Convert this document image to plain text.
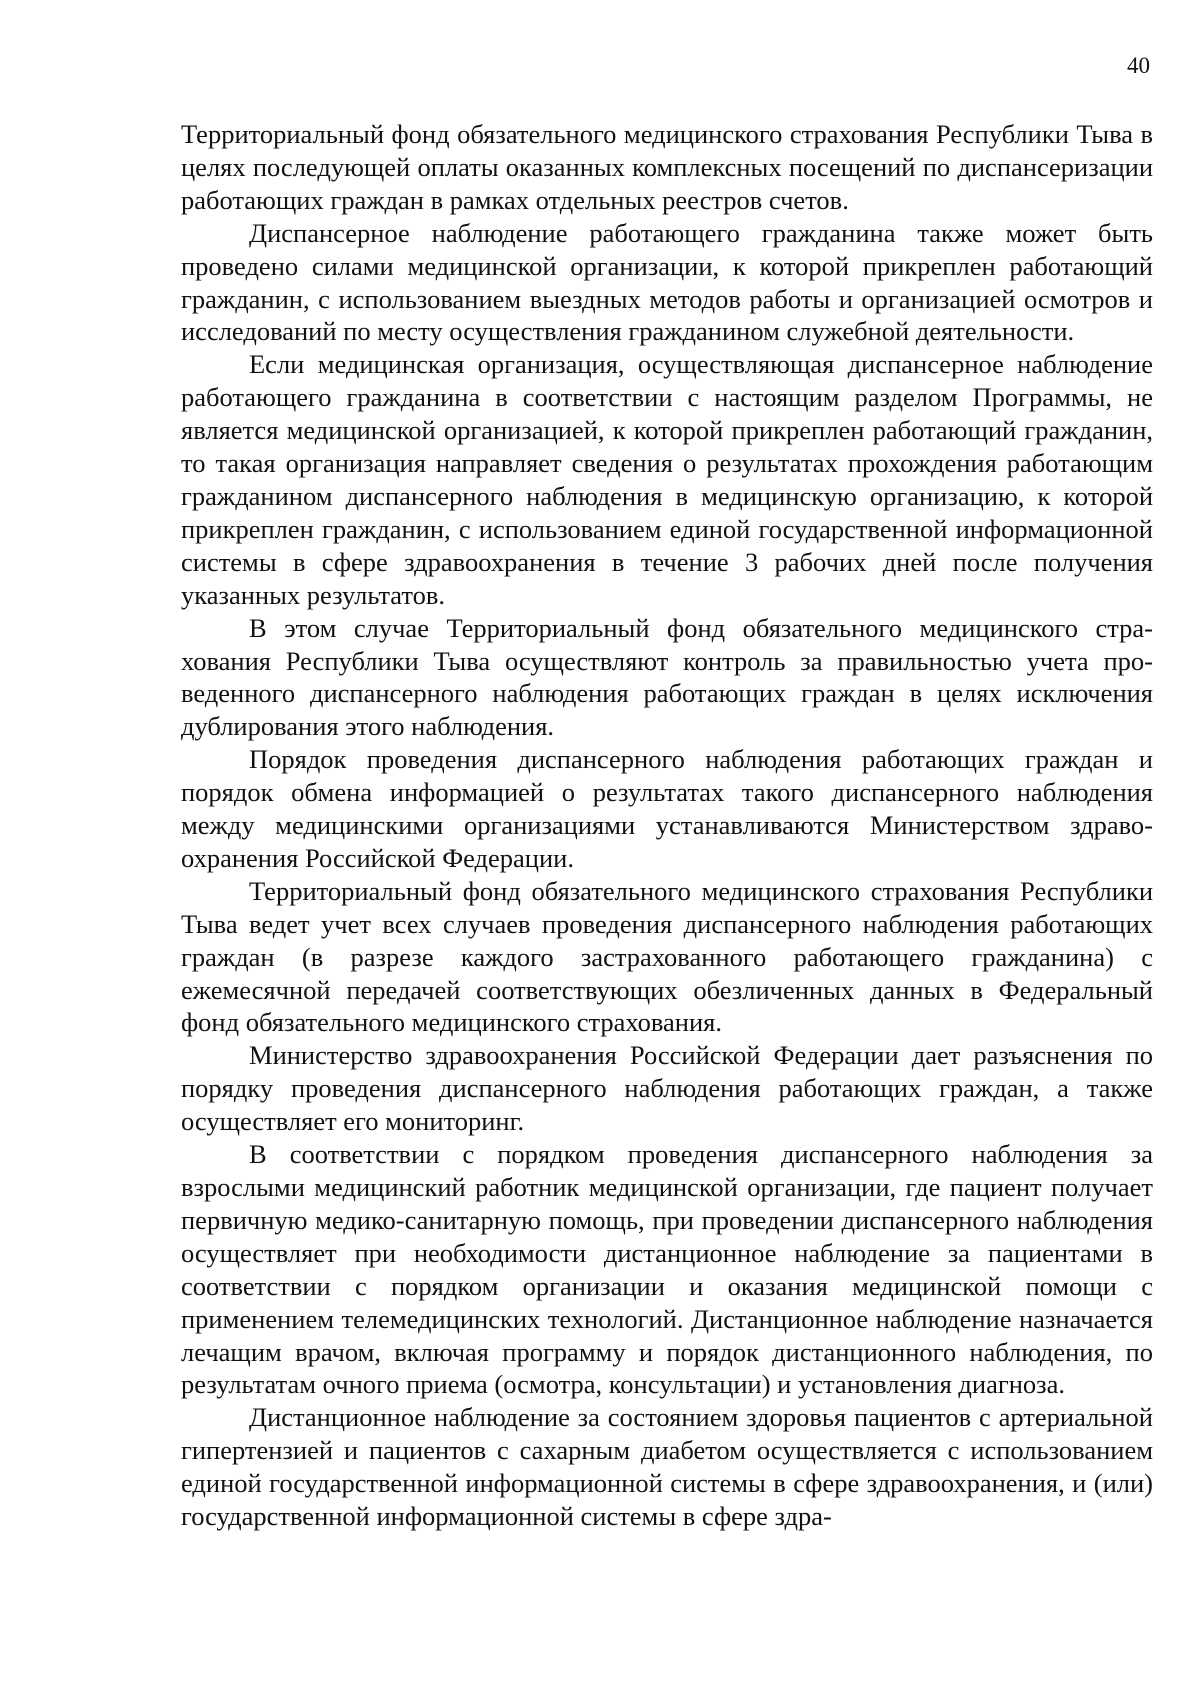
40

Территориальный фонд обязательного медицинского страхования Республики Тыва в целях последующей оплаты оказанных комплексных посещений по диспансеризации работающих граждан в рамках отдельных реестров счетов.

Диспансерное наблюдение работающего гражданина также может быть проведено силами медицинской организации, к которой прикреплен работающий гражданин, с использованием выездных методов работы и организацией осмотров и исследований по месту осуществления гражданином служебной деятельности.

Если медицинская организация, осуществляющая диспансерное наблюдение работающего гражданина в соответствии с настоящим разделом Программы, не является медицинской организацией, к которой прикреплен работающий гражданин, то такая организация направляет сведения о результатах прохождения работающим гражданином диспансерного наблюдения в медицинскую организацию, к которой прикреплен гражданин, с использованием единой государственной информационной системы в сфере здравоохранения в течение 3 рабочих дней после получения указанных результатов.

В этом случае Территориальный фонд обязательного медицинского страхования Республики Тыва осуществляют контроль за правильностью учета проведенного диспансерного наблюдения работающих граждан в целях исключения дублирования этого наблюдения.

Порядок проведения диспансерного наблюдения работающих граждан и порядок обмена информацией о результатах такого диспансерного наблюдения между медицинскими организациями устанавливаются Министерством здравоохранения Российской Федерации.

Территориальный фонд обязательного медицинского страхования Республики Тыва ведет учет всех случаев проведения диспансерного наблюдения работающих граждан (в разрезе каждого застрахованного работающего гражданина) с ежемесячной передачей соответствующих обезличенных данных в Федеральный фонд обязательного медицинского страхования.

Министерство здравоохранения Российской Федерации дает разъяснения по порядку проведения диспансерного наблюдения работающих граждан, а также осуществляет его мониторинг.

В соответствии с порядком проведения диспансерного наблюдения за взрослыми медицинский работник медицинской организации, где пациент получает первичную медико-санитарную помощь, при проведении диспансерного наблюдения осуществляет при необходимости дистанционное наблюдение за пациентами в соответствии с порядком организации и оказания медицинской помощи с применением телемедицинских технологий. Дистанционное наблюдение назначается лечащим врачом, включая программу и порядок дистанционного наблюдения, по результатам очного приема (осмотра, консультации) и установления диагноза.

Дистанционное наблюдение за состоянием здоровья пациентов с артериальной гипертензией и пациентов с сахарным диабетом осуществляется с использованием единой государственной информационной системы в сфере здравоохранения, и (или) государственной информационной системы в сфере здра-
